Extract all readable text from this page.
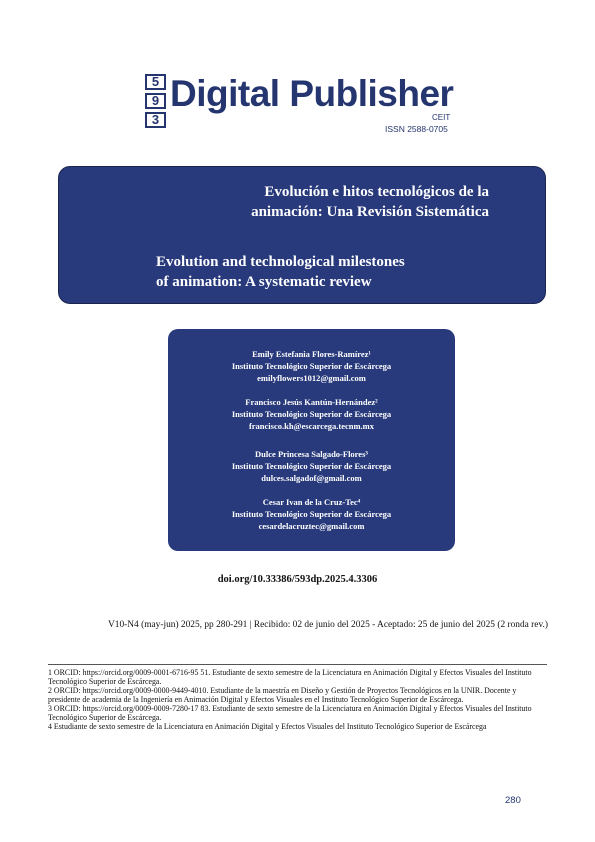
5
9
3
Digital Publisher
CEIT
ISSN 2588-0705
Evolución e hitos tecnológicos de la
animación: Una Revisión Sistemática
Evolution and technological milestones
of animation: A systematic review
Emily Estefania Flores-Ramírez¹
Instituto Tecnológico Superior de Escárcega
emilyflowers1012@gmail.com
Francisco Jesús Kantún-Hernández²
Instituto Tecnológico Superior de Escárcega
francisco.kh@escarcega.tecnm.mx
Dulce Princesa Salgado-Flores³
Instituto Tecnológico Superior de Escárcega
dulces.salgadof@gmail.com
Cesar Ivan de la Cruz-Tec⁴
Instituto Tecnológico Superior de Escárcega
cesardelacruztec@gmail.com
doi.org/10.33386/593dp.2025.4.3306
V10-N4 (may-jun) 2025, pp 280-291 | Recibido: 02 de junio del 2025 - Aceptado: 25 de junio del 2025 (2 ronda rev.)

1 ORCID: https://orcid.org/0009-0001-6716-95 51. Estudiante de sexto semestre de la Licenciatura en Animación Digital y Efectos Visuales del Instituto Tecnológico Superior de Escárcega.

2 ORCID: https://orcid.org/0009-0000-9449-4010. Estudiante de la maestría en Diseño y Gestión de Proyectos Tecnológicos en la UNIR. Docente y presidente de academia de la Ingeniería en Animación Digital y Efectos Visuales en el Instituto Tecnológico Superior de Escárcega.

3 ORCID: https://orcid.org/0009-0009-7280-17 83. Estudiante de sexto semestre de la Licenciatura en Animación Digital y Efectos Visuales del Instituto Tecnológico Superior de Escárcega.

4 Estudiante de sexto semestre de la Licenciatura en Animación Digital y Efectos Visuales del Instituto Tecnológico Superior de Escárcega

280
